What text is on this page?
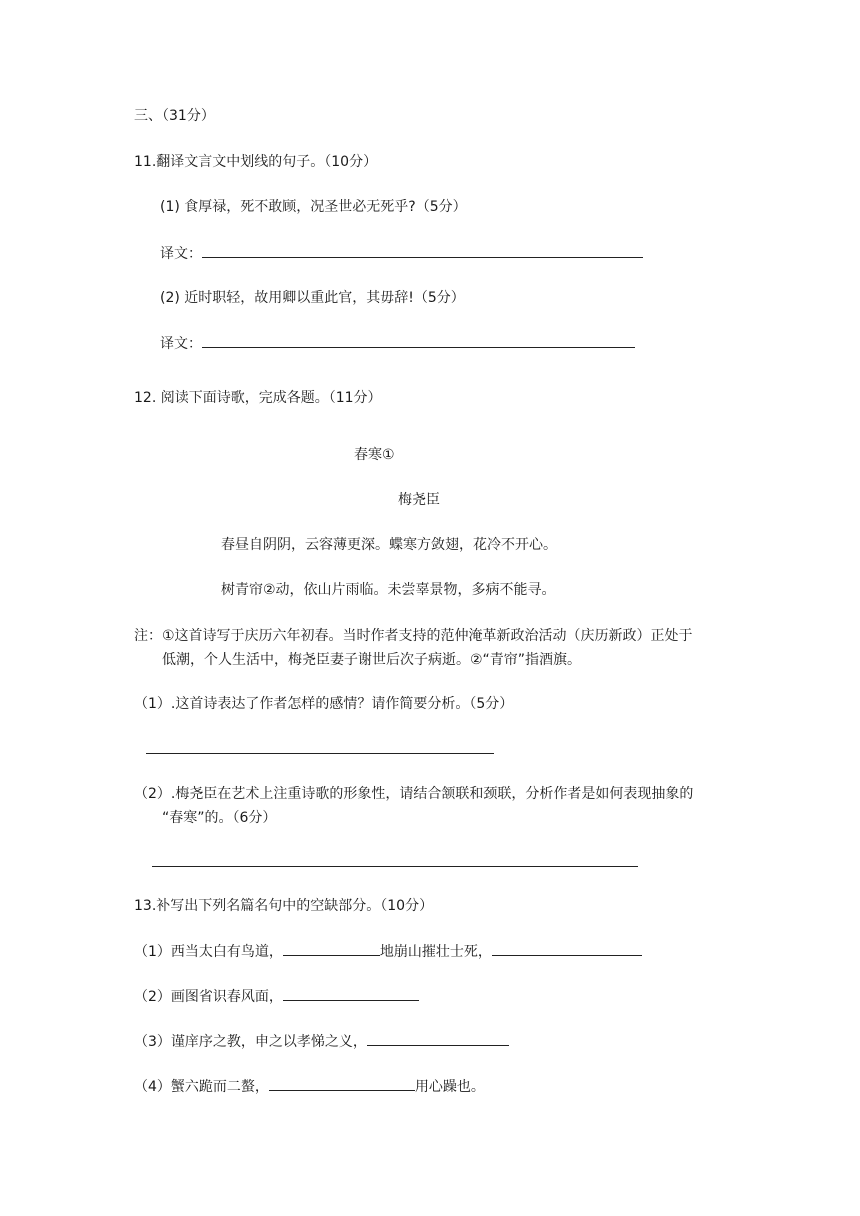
三、（31分）
11.翻译文言文中划线的句子。（10分）
(1) 食厚禄，死不敢顾，况圣世必无死乎?（5分）
译文：
(2) 近时职轻，故用卿以重此官，其毋辞!（5分）
译文：
12. 阅读下面诗歌，完成各题。（11分）
春寒①
梅尧臣
春昼自阴阴，云容薄更深。蝶寒方敛翅，花冷不开心。
树青帘②动，依山片雨临。未尝辜景物，多病不能寻。
注：①这首诗写于庆历六年初春。当时作者支持的范仲淹革新政治活动（庆历新政）正处于
低潮，个人生活中，梅尧臣妻子谢世后次子病逝。②“青帘”指酒旗。
（1）.这首诗表达了作者怎样的感情？请作简要分析。（5分）
（2）.梅尧臣在艺术上注重诗歌的形象性，请结合颔联和颈联，分析作者是如何表现抽象的
“春寒”的。（6分）
13.补写出下列名篇名句中的空缺部分。（10分）
（1）西当太白有鸟道，	地崩山摧壮士死，
（2）画图省识春风面，
（3）谨庠序之教，申之以孝悌之义，
（4）蟹六跪而二螯，	用心躁也。
